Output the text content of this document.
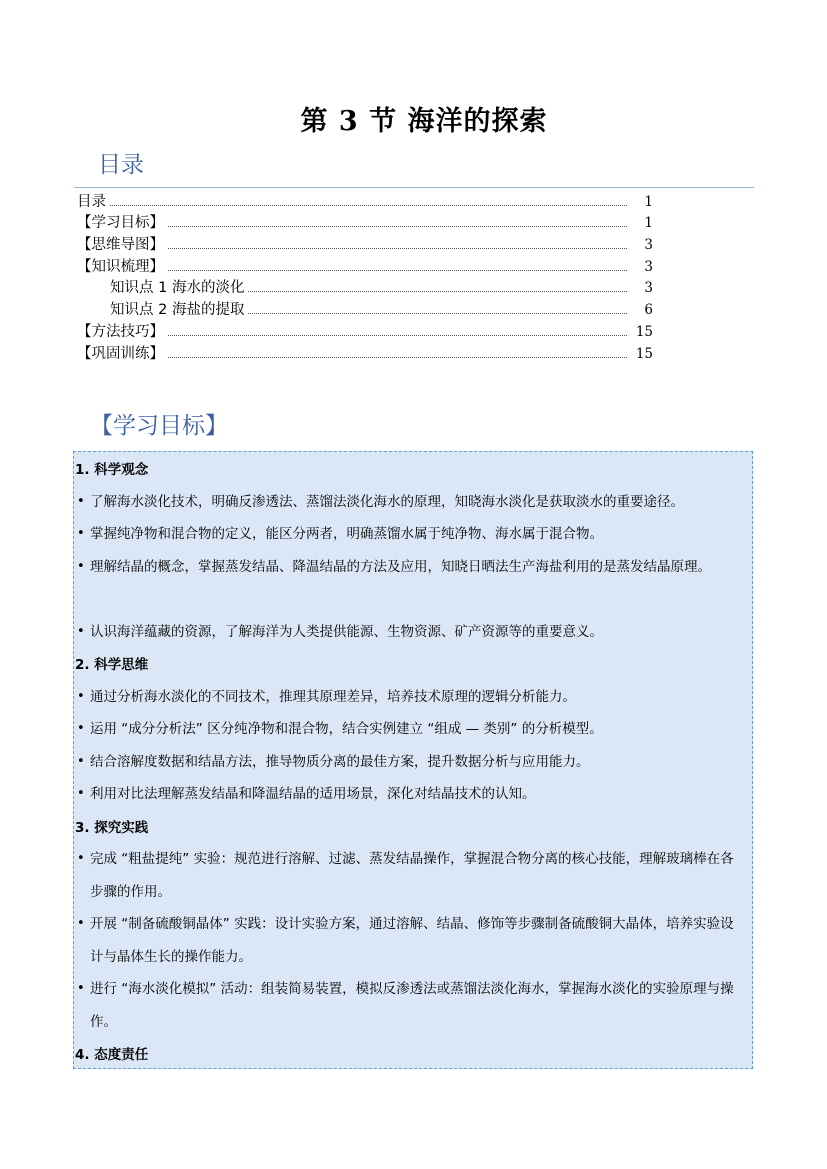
第 3 节 海洋的探索
目录
目录	1
【学习目标】	1
【思维导图】	3
【知识梳理】	3
知识点 1 海水的淡化	3
知识点 2 海盐的提取	6
【方法技巧】	15
【巩固训练】	15
【学习目标】
1. 科学观念
• 了解海水淡化技术，明确反渗透法、蒸馏法淡化海水的原理，知晓海水淡化是获取淡水的重要途径。
• 掌握纯净物和混合物的定义，能区分两者，明确蒸馏水属于纯净物、海水属于混合物。
• 理解结晶的概念，掌握蒸发结晶、降温结晶的方法及应用，知晓日晒法生产海盐利用的是蒸发结晶原理。
• 认识海洋蕴藏的资源，了解海洋为人类提供能源、生物资源、矿产资源等的重要意义。
2. 科学思维
• 通过分析海水淡化的不同技术，推理其原理差异，培养技术原理的逻辑分析能力。
• 运用 “成分分析法” 区分纯净物和混合物，结合实例建立 “组成 — 类别” 的分析模型。
• 结合溶解度数据和结晶方法，推导物质分离的最佳方案，提升数据分析与应用能力。
• 利用对比法理解蒸发结晶和降温结晶的适用场景，深化对结晶技术的认知。
3. 探究实践
• 完成 “粗盐提纯” 实验：规范进行溶解、过滤、蒸发结晶操作，掌握混合物分离的核心技能，理解玻璃棒在各步骤的作用。
• 开展 “制备硫酸铜晶体” 实践：设计实验方案，通过溶解、结晶、修饰等步骤制备硫酸铜大晶体，培养实验设计与晶体生长的操作能力。
• 进行 “海水淡化模拟” 活动：组装简易装置，模拟反渗透法或蒸馏法淡化海水，掌握海水淡化的实验原理与操作。
4. 态度责任
